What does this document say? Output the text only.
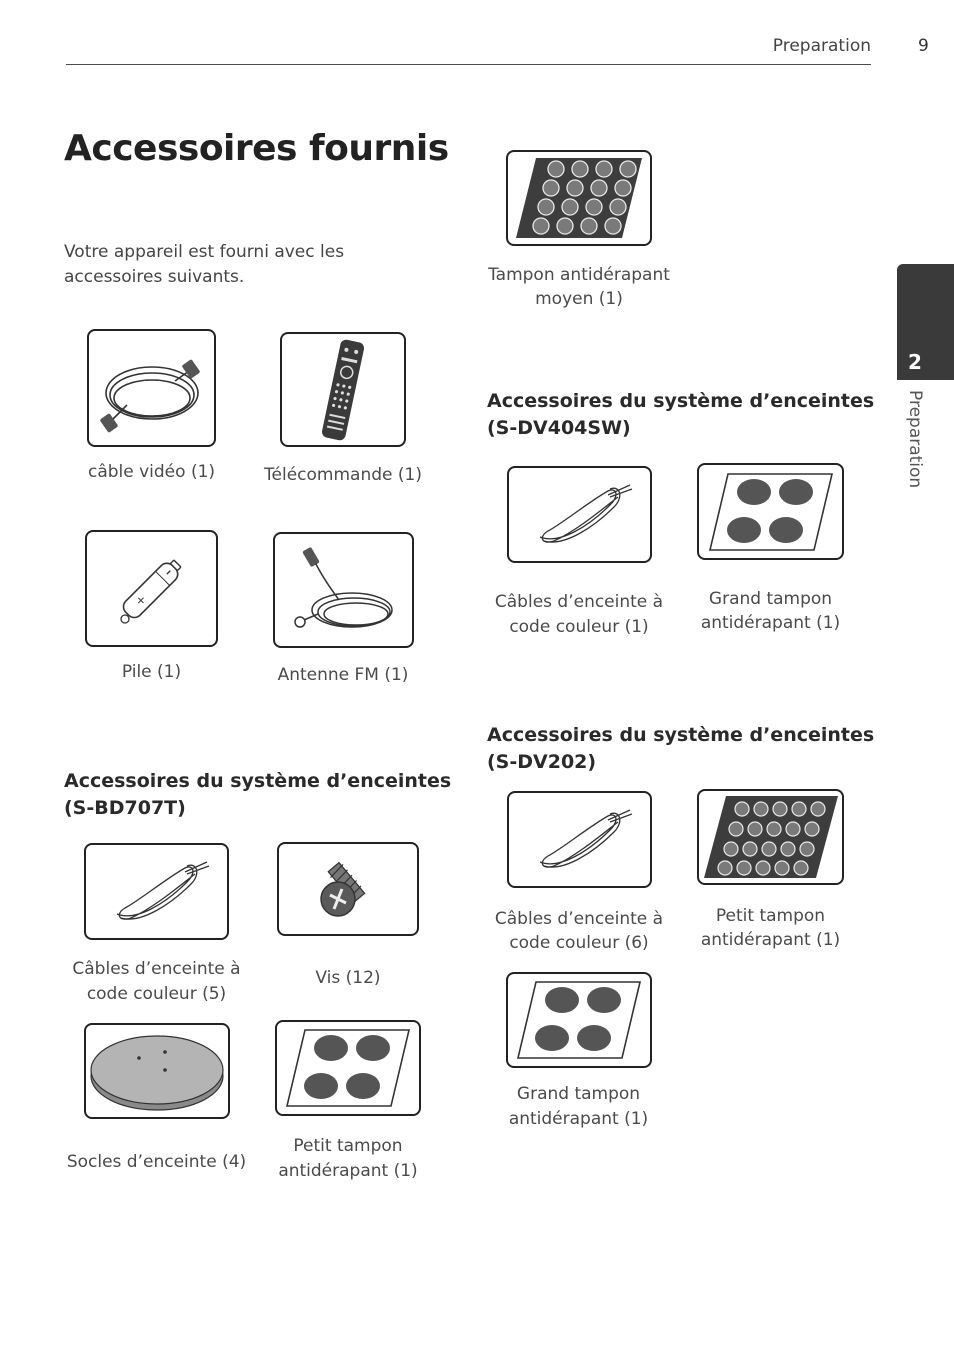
Preparation	9
2
Preparation
Accessoires fournis
Votre appareil est fourni avec les accessoires suivants.
câble vidéo (1)	Télécommande (1)
+
Pile (1)	Antenne FM (1)
Tampon antidérapant
moyen (1)
Accessoires du système d’enceintes
(S-BD707T)
Câbles d’enceinte à
code couleur (5)
Vis (12)
Socles d’enceinte (4)
Petit tampon
antidérapant (1)
Accessoires du système d’enceintes
(S-DV404SW)
Câbles d’enceinte à
code couleur (1)
Grand tampon
antidérapant (1)
Accessoires du système d’enceintes
(S-DV202)
Câbles d’enceinte à
code couleur (6)
Petit tampon
antidérapant (1)
Grand tampon
antidérapant (1)
